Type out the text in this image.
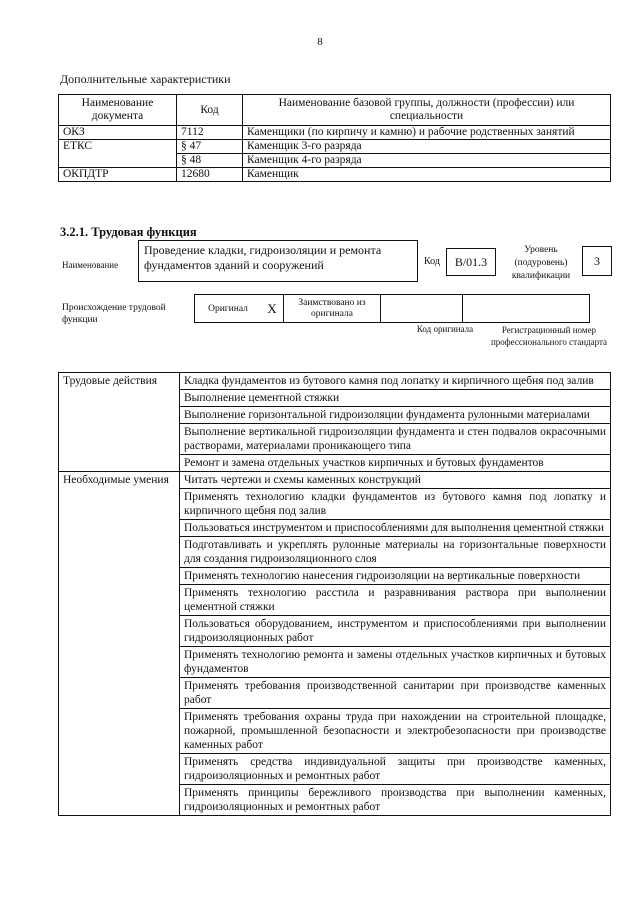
8
Дополнительные характеристики
Наименование документа	Код	Наименование базовой группы, должности (профессии) или специальности
ОКЗ	7112	Каменщики (по кирпичу и камню) и рабочие родственных занятий
ЕТКС	§ 47	Каменщик 3-го разряда
	§ 48	Каменщик 4-го разряда
ОКПДТР	12680	Каменщик
3.2.1. Трудовая функция
Наименование
Проведение кладки, гидроизоляции и ремонта фундаментов зданий и сооружений	Код	В/01.3
Уровень (подуровень) квалификации
3
Происхождение трудовой функции
Оригинал	X	Заимствовано из оригинала		
Код оригинала	Регистрационный номер профессионального стандарта
Трудовые действия	Кладка фундаментов из бутового камня под лопатку и кирпичного щебня под залив
	Выполнение цементной стяжки
	Выполнение горизонтальной гидроизоляции фундамента рулонными материалами
	Выполнение вертикальной гидроизоляции фундамента и стен подвалов окрасочными растворами, материалами проникающего типа
	Ремонт и замена отдельных участков кирпичных и бутовых фундаментов
Необходимые умения	Читать чертежи и схемы каменных конструкций
	Применять технологию кладки фундаментов из бутового камня под лопатку и кирпичного щебня под залив
	Пользоваться инструментом и приспособлениями для выполнения цементной стяжки
	Подготавливать и укреплять рулонные материалы на горизонтальные поверхности для создания гидроизоляционного слоя
	Применять технологию нанесения гидроизоляции на вертикальные поверхности
	Применять технологию расстила и разравнивания раствора при выполнении цементной стяжки
	Пользоваться оборудованием, инструментом и приспособлениями при выполнении гидроизоляционных работ
	Применять технологию ремонта и замены отдельных участков кирпичных и бутовых фундаментов
	Применять требования производственной санитарии при производстве каменных работ
	Применять требования охраны труда при нахождении на строительной площадке, пожарной, промышленной безопасности и электробезопасности при производстве каменных работ
	Применять средства индивидуальной защиты при производстве каменных, гидроизоляционных и ремонтных работ
	Применять принципы бережливого производства при выполнении каменных, гидроизоляционных и ремонтных работ
